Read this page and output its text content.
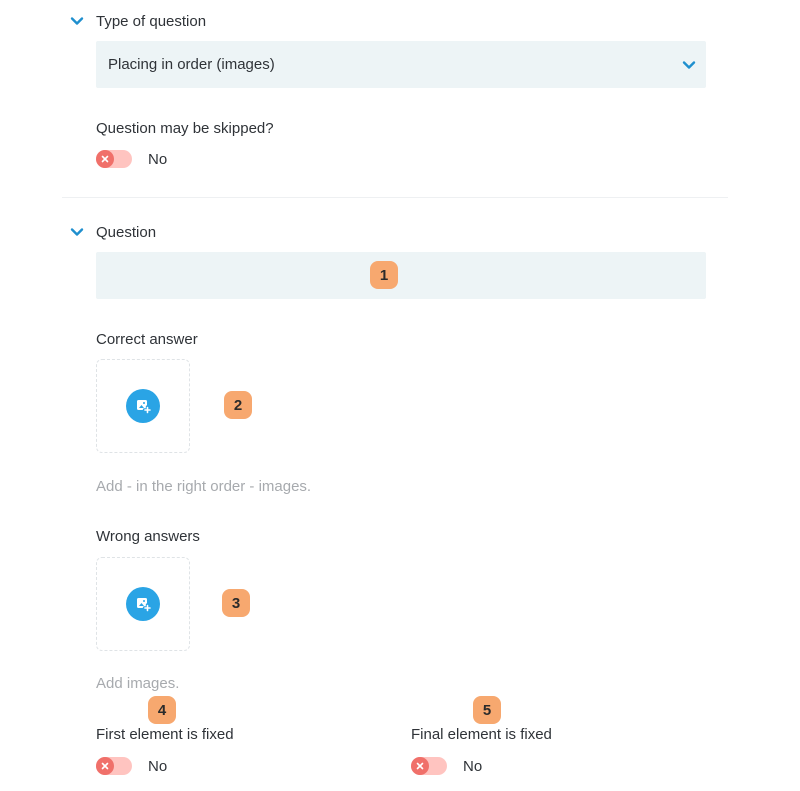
Type of question
Placing in order (images)
Question may be skipped?
No
Question
1
Correct answer
2
Add - in the right order - images.
Wrong answers
3
Add images.
4	5
First element is fixed	Final element is fixed
No	No
